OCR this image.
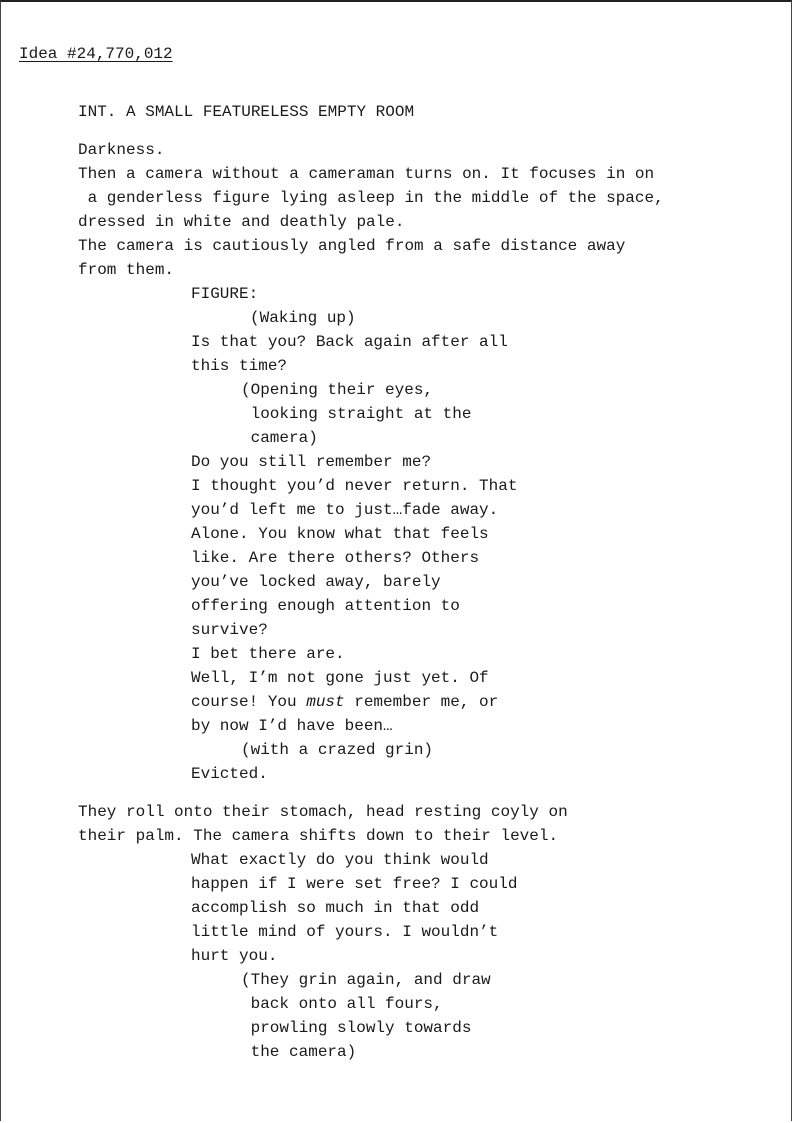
Idea #24,770,012
INT. A SMALL FEATURELESS EMPTY ROOM
Darkness.
Then a camera without a cameraman turns on. It focuses in on
a genderless figure lying asleep in the middle of the space,
dressed in white and deathly pale.
The camera is cautiously angled from a safe distance away
from them.
FIGURE:
(Waking up)
Is that you? Back again after all
this time?
(Opening their eyes,
looking straight at the
camera)
Do you still remember me?
I thought you’d never return. That
you’d left me to just…fade away.
Alone. You know what that feels
like. Are there others? Others
you’ve locked away, barely
offering enough attention to
survive?
I bet there are.
Well, I’m not gone just yet. Of
course! You must remember me, or
by now I’d have been…
(with a crazed grin)
Evicted.
They roll onto their stomach, head resting coyly on
their palm. The camera shifts down to their level.
What exactly do you think would
happen if I were set free? I could
accomplish so much in that odd
little mind of yours. I wouldn’t
hurt you.
(They grin again, and draw
back onto all fours,
prowling slowly towards
the camera)
